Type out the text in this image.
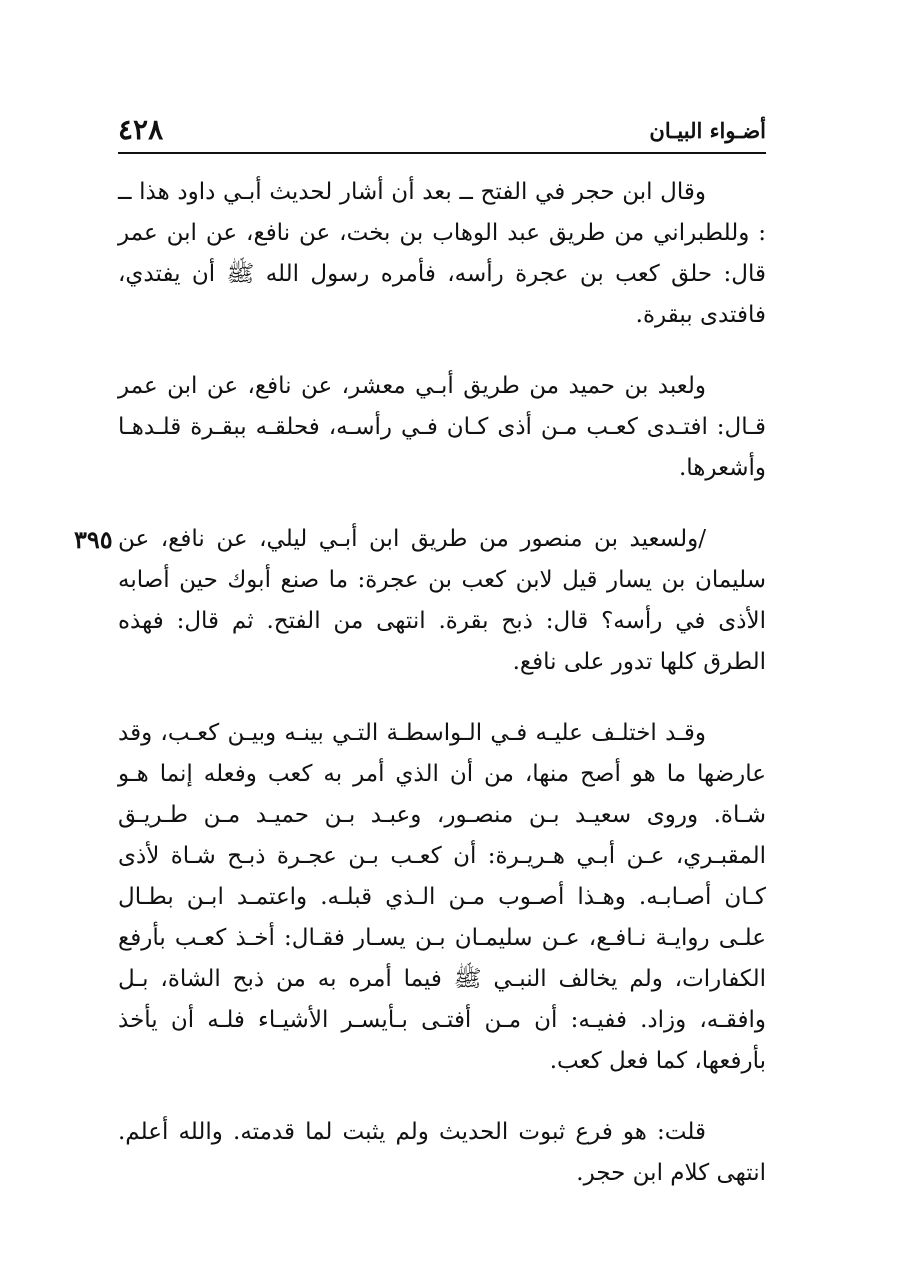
٤٢٨	أضـواء البيـان

وقال ابن حجر في الفتح ــ بعد أن أشار لحديث أبـي داود هذا ــ : وللطبراني من طريق عبد الوهاب بن بخت، عن نافع، عن ابن عمر قال: حلق كعب بن عجرة رأسه، فأمره رسول الله ﷺ أن يفتدي، فافتدى ببقرة.

ولعبد بن حميد من طريق أبـي معشر، عن نافع، عن ابن عمر قـال: افتـدى كعـب مـن أذى كـان فـي رأسـه، فحلقـه ببقـرة قلـدهـا وأشعرها.

٣٩٥ /ولسعيد بن منصور من طريق ابن أبـي ليلي، عن نافع، عن سليمان بن يسار قيل لابن كعب بن عجرة: ما صنع أبوك حين أصابه الأذى في رأسه؟ قال: ذبح بقرة. انتهى من الفتح. ثم قال: فهذه الطرق كلها تدور على نافع.

وقـد اختلـف عليـه فـي الـواسطـة التـي بينـه وبيـن كعـب، وقد عارضها ما هو أصح منها، من أن الذي أمر به كعب وفعله إنما هـو شـاة. وروى سعيـد بـن منصـور، وعبـد بـن حميـد مـن طـريـق المقبـري، عـن أبـي هـريـرة: أن كعـب بـن عجـرة ذبـح شـاة لأذى كـان أصـابـه. وهـذا أصـوب مـن الـذي قبلـه. واعتمـد ابـن بطـال علـى روايـة نـافـع، عـن سليمـان بـن يسـار فقـال: أخـذ كعـب بأرفع الكفارات، ولم يخالف النبـي ﷺ فيما أمره به من ذبح الشاة، بـل وافقـه، وزاد. ففيـه: أن مـن أفتـى بـأيسـر الأشيـاء فلـه أن يأخذ بأرفعها، كما فعل كعب.

قلت: هو فرع ثبوت الحديث ولم يثبت لما قدمته. والله أعلم. انتهى كلام ابن حجر.
